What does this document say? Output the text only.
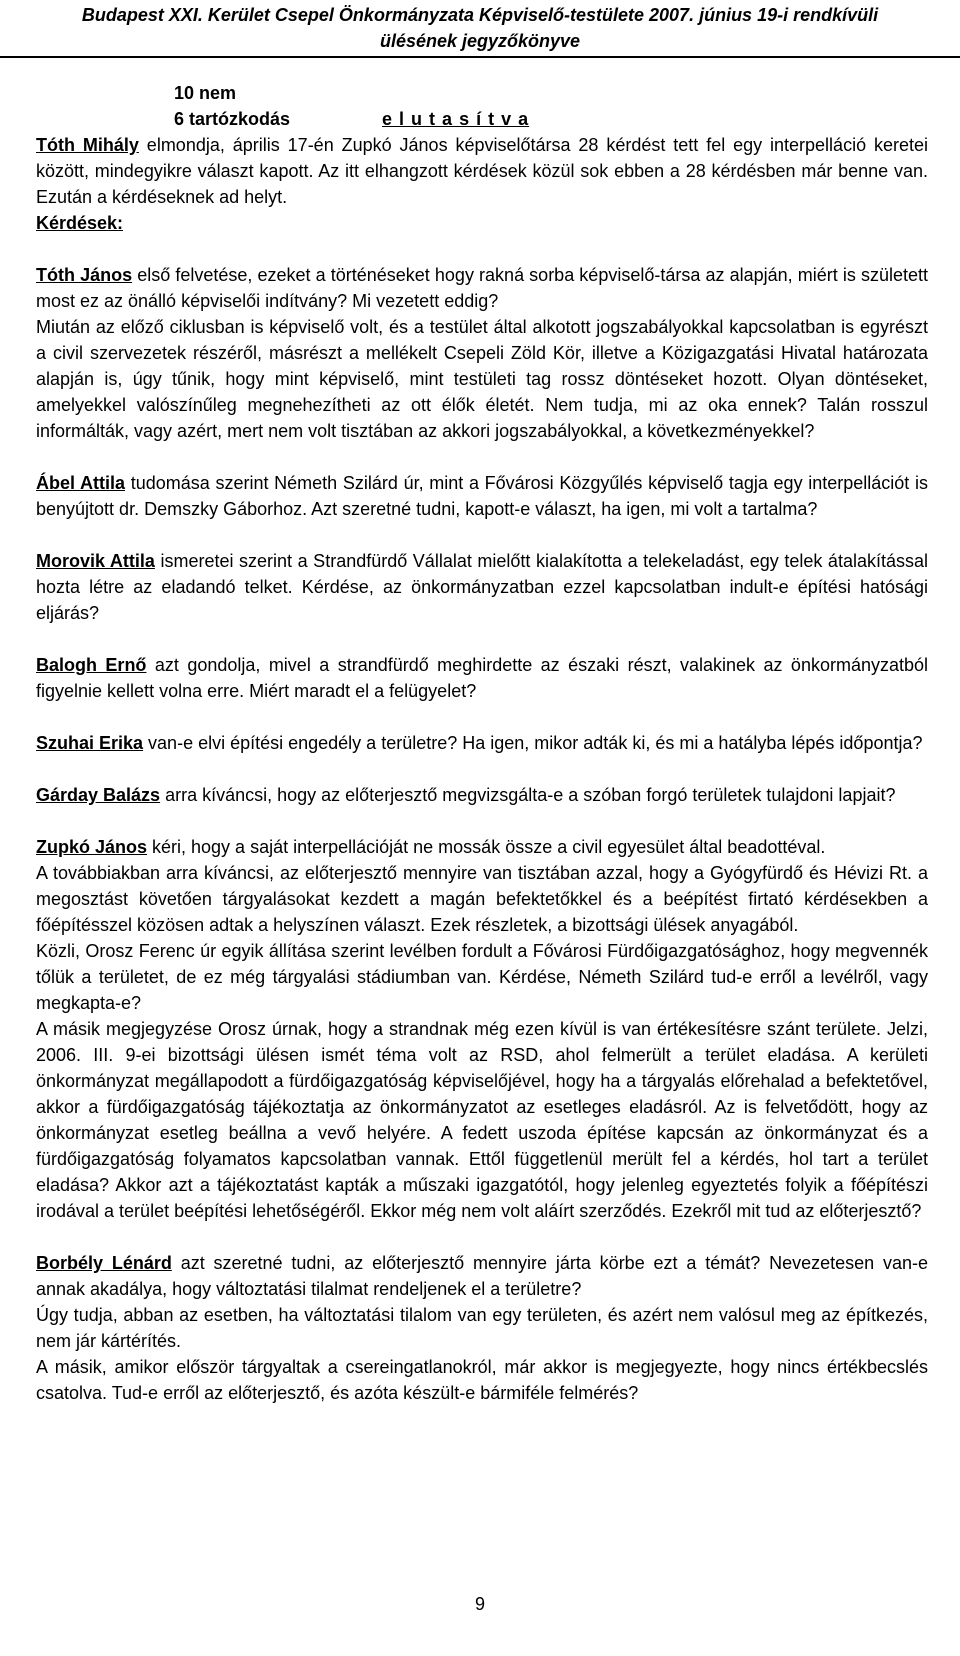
Budapest XXI. Kerület Csepel Önkormányzata Képviselő-testülete 2007. június 19-i rendkívüli
ülésének jegyzőkönyve
10 nem
6 tartózkodás	e l u t a s í t v a

Tóth Mihály elmondja, április 17-én Zupkó János képviselőtársa 28 kérdést tett fel egy interpelláció keretei között, mindegyikre választ kapott. Az itt elhangzott kérdések közül sok ebben a 28 kérdésben már benne van. Ezután a kérdéseknek ad helyt.

Kérdések:

Tóth János első felvetése, ezeket a történéseket hogy rakná sorba képviselő-társa az alapján, miért is született most ez az önálló képviselői indítvány? Mi vezetett eddig?

Miután az előző ciklusban is képviselő volt, és a testület által alkotott jogszabályokkal kapcsolatban is egyrészt a civil szervezetek részéről, másrészt a mellékelt Csepeli Zöld Kör, illetve a Közigazgatási Hivatal határozata alapján is, úgy tűnik, hogy mint képviselő, mint testületi tag rossz döntéseket hozott. Olyan döntéseket, amelyekkel valószínűleg megnehezítheti az ott élők életét. Nem tudja, mi az oka ennek? Talán rosszul informálták, vagy azért, mert nem volt tisztában az akkori jogszabályokkal, a következményekkel?

Ábel Attila tudomása szerint Németh Szilárd úr, mint a Fővárosi Közgyűlés képviselő tagja egy interpellációt is benyújtott dr. Demszky Gáborhoz. Azt szeretné tudni, kapott-e választ, ha igen, mi volt a tartalma?

Morovik Attila ismeretei szerint a Strandfürdő Vállalat mielőtt kialakította a telekeladást, egy telek átalakítással hozta létre az eladandó telket. Kérdése, az önkormányzatban ezzel kapcsolatban indult-e építési hatósági eljárás?

Balogh Ernő azt gondolja, mivel a strandfürdő meghirdette az északi részt, valakinek az önkormányzatból figyelnie kellett volna erre. Miért maradt el a felügyelet?

Szuhai Erika van-e elvi építési engedély a területre? Ha igen, mikor adták ki, és mi a hatályba lépés időpontja?

Gárday Balázs arra kíváncsi, hogy az előterjesztő megvizsgálta-e a szóban forgó területek tulajdoni lapjait?

Zupkó János kéri, hogy a saját interpellációját ne mossák össze a civil egyesület által beadottéval.

A továbbiakban arra kíváncsi, az előterjesztő mennyire van tisztában azzal, hogy a Gyógyfürdő és Hévizi Rt. a megosztást követően tárgyalásokat kezdett a magán befektetőkkel és a beépítést firtató kérdésekben a főépítésszel közösen adtak a helyszínen választ. Ezek részletek, a bizottsági ülések anyagából.

Közli, Orosz Ferenc úr egyik állítása szerint levélben fordult a Fővárosi Fürdőigazgatósághoz, hogy megvennék tőlük a területet, de ez még tárgyalási stádiumban van. Kérdése, Németh Szilárd tud-e erről a levélről, vagy megkapta-e?

A másik megjegyzése Orosz úrnak, hogy a strandnak még ezen kívül is van értékesítésre szánt területe. Jelzi, 2006. III. 9-ei bizottsági ülésen ismét téma volt az RSD, ahol felmerült a terület eladása. A kerületi önkormányzat megállapodott a fürdőigazgatóság képviselőjével, hogy ha a tárgyalás előrehalad a befektetővel, akkor a fürdőigazgatóság tájékoztatja az önkormányzatot az esetleges eladásról. Az is felvetődött, hogy az önkormányzat esetleg beállna a vevő helyére. A fedett uszoda építése kapcsán az önkormányzat és a fürdőigazgatóság folyamatos kapcsolatban vannak. Ettől függetlenül merült fel a kérdés, hol tart a terület eladása? Akkor azt a tájékoztatást kapták a műszaki igazgatótól, hogy jelenleg egyeztetés folyik a főépítészi irodával a terület beépítési lehetőségéről. Ekkor még nem volt aláírt szerződés. Ezekről mit tud az előterjesztő?

Borbély Lénárd azt szeretné tudni, az előterjesztő mennyire járta körbe ezt a témát? Nevezetesen van-e annak akadálya, hogy változtatási tilalmat rendeljenek el a területre?

Úgy tudja, abban az esetben, ha változtatási tilalom van egy területen, és azért nem valósul meg az építkezés, nem jár kártérítés.

A másik, amikor először tárgyaltak a csereingatlanokról, már akkor is megjegyezte, hogy nincs értékbecslés csatolva. Tud-e erről az előterjesztő, és azóta készült-e bármiféle felmérés?

9
